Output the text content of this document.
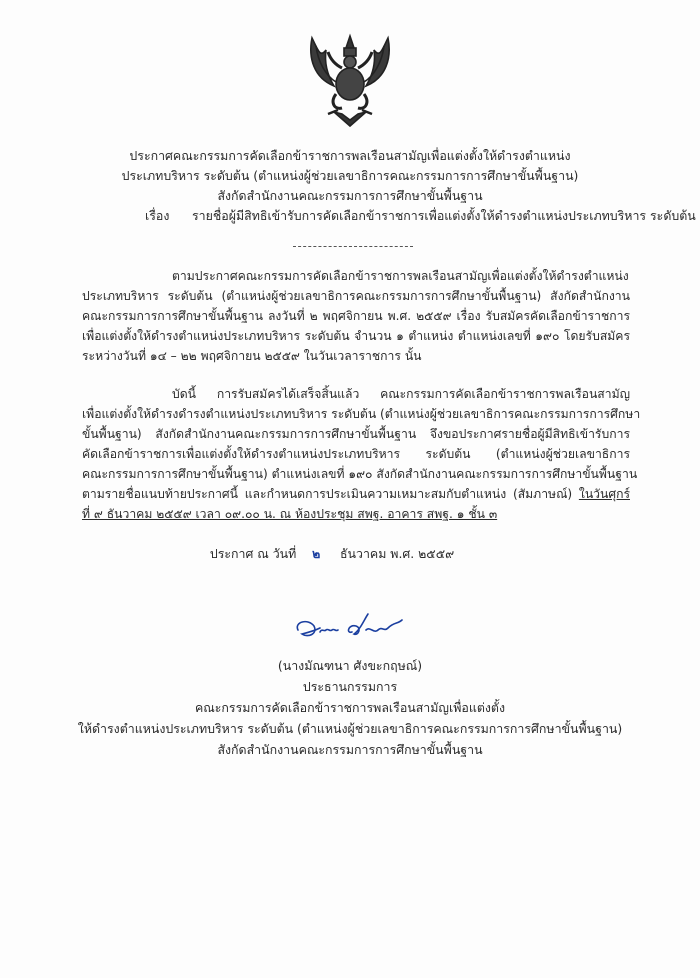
ประกาศคณะกรรมการคัดเลือกข้าราชการพลเรือนสามัญเพื่อแต่งตั้งให้ดำรงตำแหน่ง
ประเภทบริหาร ระดับต้น (ตำแหน่งผู้ช่วยเลขาธิการคณะกรรมการการศึกษาขั้นพื้นฐาน)
สังกัดสำนักงานคณะกรรมการการศึกษาขั้นพื้นฐาน
เรื่อง รายชื่อผู้มีสิทธิเข้ารับการคัดเลือกข้าราชการเพื่อแต่งตั้งให้ดำรงตำแหน่งประเภทบริหาร ระดับต้น
ตามประกาศคณะกรรมการคัดเลือกข้าราชการพลเรือนสามัญเพื่อแต่งตั้งให้ดำรงตำแหน่ง
ประเภทบริหาร ระดับต้น (ตำแหน่งผู้ช่วยเลขาธิการคณะกรรมการการศึกษาขั้นพื้นฐาน) สังกัดสำนักงาน
คณะกรรมการการศึกษาขั้นพื้นฐาน ลงวันที่ ๒ พฤศจิกายน พ.ศ. ๒๕๕๙ เรื่อง รับสมัครคัดเลือกข้าราชการ
เพื่อแต่งตั้งให้ดำรงตำแหน่งประเภทบริหาร ระดับต้น จำนวน ๑ ตำแหน่ง ตำแหน่งเลขที่ ๑๙๐ โดยรับสมัคร
ระหว่างวันที่ ๑๔ – ๒๒ พฤศจิกายน ๒๕๕๙ ในวันเวลาราชการ นั้น
บัดนี้ การรับสมัครได้เสร็จสิ้นแล้ว คณะกรรมการคัดเลือกข้าราชการพลเรือนสามัญ
เพื่อแต่งตั้งให้ดำรงดำรงตำแหน่งประเภทบริหาร ระดับต้น (ตำแหน่งผู้ช่วยเลขาธิการคณะกรรมการการศึกษา
ขั้นพื้นฐาน) สังกัดสำนักงานคณะกรรมการการศึกษาขั้นพื้นฐาน จึงขอประกาศรายชื่อผู้มีสิทธิเข้ารับการ
คัดเลือกข้าราชการเพื่อแต่งตั้งให้ดำรงตำแหน่งประเภทบริหาร ระดับต้น (ตำแหน่งผู้ช่วยเลขาธิการ
คณะกรรมการการศึกษาขั้นพื้นฐาน) ตำแหน่งเลขที่ ๑๙๐ สังกัดสำนักงานคณะกรรมการการศึกษาขั้นพื้นฐาน
ตามรายชื่อแนบท้ายประกาศนี้ และกำหนดการประเมินความเหมาะสมกับตำแหน่ง (สัมภาษณ์) ในวันศุกร์
ที่ ๙ ธันวาคม ๒๕๕๙ เวลา ๐๙.๐๐ น. ณ ห้องประชุม สพฐ. อาคาร สพฐ. ๑ ชั้น ๓
ประกาศ ณ วันที่ ๒ ธันวาคม พ.ศ. ๒๕๕๙
(นางมัณฑนา ศังขะกฤษณ์)
ประธานกรรมการ
คณะกรรมการคัดเลือกข้าราชการพลเรือนสามัญเพื่อแต่งตั้ง
ให้ดำรงตำแหน่งประเภทบริหาร ระดับต้น (ตำแหน่งผู้ช่วยเลขาธิการคณะกรรมการการศึกษาขั้นพื้นฐาน)
สังกัดสำนักงานคณะกรรมการการศึกษาขั้นพื้นฐาน
